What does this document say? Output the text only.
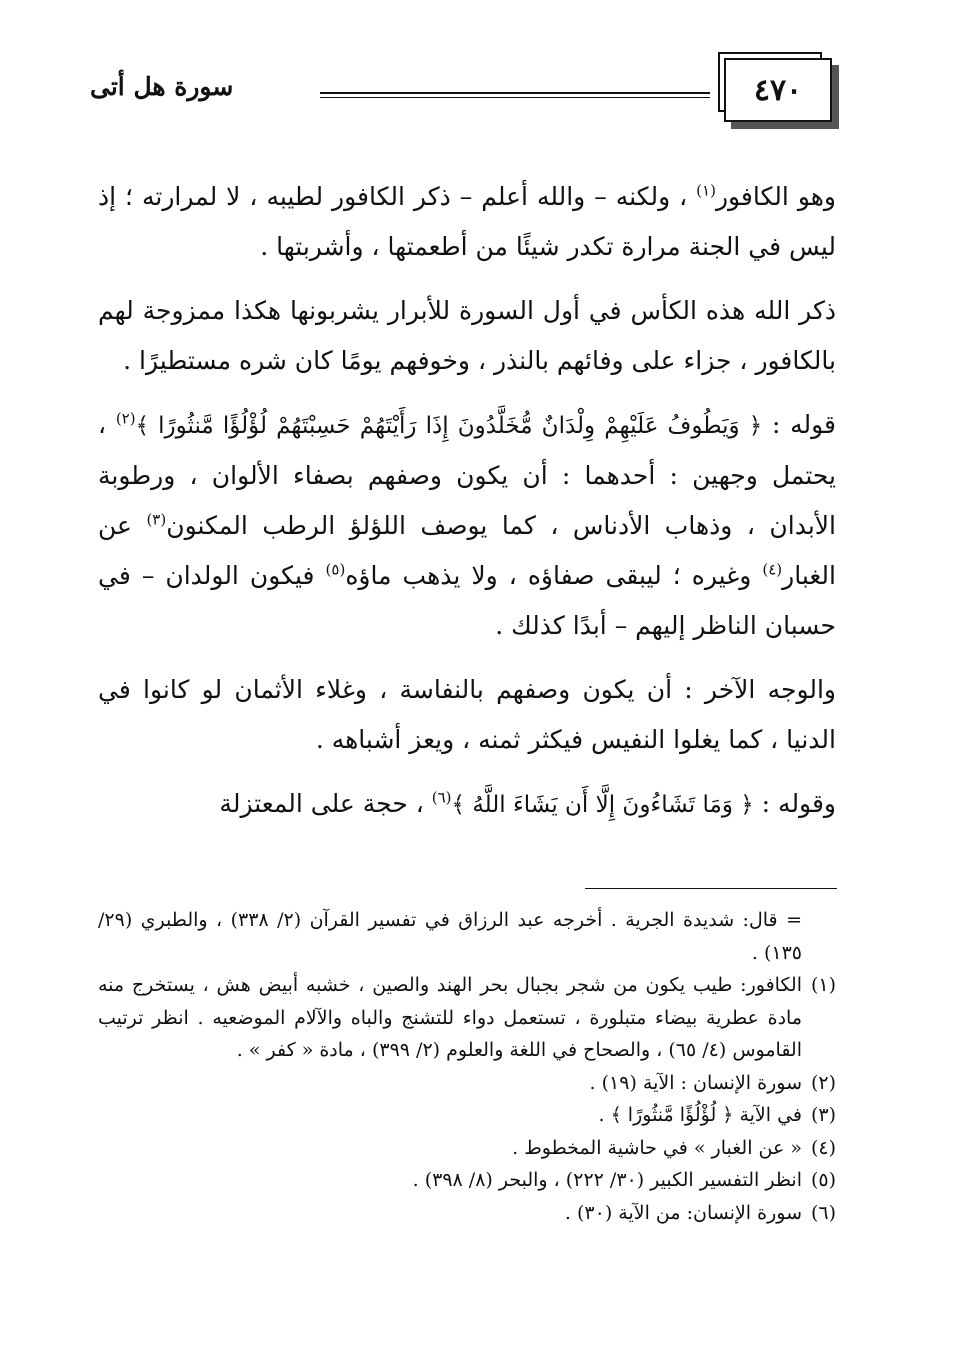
٤٧٠
سورة هل أتى

وهو الكافور$^{(١)}$ ، ولكنه – والله أعلم – ذكر الكافور لطيبه ، لا لمرارته ؛ إذ ليس في الجنة مرارة تكدر شيئًا من أطعمتها ، وأشربتها .

ذكر الله هذه الكأس في أول السورة للأبرار يشربونها هكذا ممزوجة لهم بالكافور ، جزاء على وفائهم بالنذر ، وخوفهم يومًا كان شره مستطيرًا .

قوله : ﴿ وَيَطُوفُ عَلَيْهِمْ وِلْدَانٌ مُّخَلَّدُونَ إِذَا رَأَيْتَهُمْ حَسِبْتَهُمْ لُؤْلُؤًا مَّنثُورًا ﴾$^{(٢)}$ ، يحتمل وجهين : أحدهما : أن يكون وصفهم بصفاء الألوان ، ورطوبة الأبدان ، وذهاب الأدناس ، كما يوصف اللؤلؤ الرطب المكنون$^{(٣)}$ عن الغبار$^{(٤)}$ وغيره ؛ ليبقى صفاؤه ، ولا يذهب ماؤه$^{(٥)}$ فيكون الولدان – في حسبان الناظر إليهم – أبدًا كذلك .

والوجه الآخر : أن يكون وصفهم بالنفاسة ، وغلاء الأثمان لو كانوا في الدنيا ، كما يغلوا النفيس فيكثر ثمنه ، ويعز أشباهه .

وقوله : ﴿ وَمَا تَشَاءُونَ إِلَّا أَن يَشَاءَ اللَّهُ ﴾$^{(٦)}$ ، حجة على المعتزلة

= قال: شديدة الجرية . أخرجه عبد الرزاق في تفسير القرآن (٢/ ٣٣٨) ، والطبري (٢٩/ ١٣٥) .

(١)
الكافور: طيب يكون من شجر بجبال بحر الهند والصين ، خشبه أبيض هش ، يستخرج منه مادة عطرية بيضاء متبلورة ، تستعمل دواء للتشنج والباه والآلام الموضعيه . انظر ترتيب القاموس (٤/ ٦٥) ، والصحاح في اللغة والعلوم (٢/ ٣٩٩) ، مادة « كفر » .

(٢)
سورة الإنسان : الآية (١٩) .

(٣)
في الآية ﴿ لُؤْلُؤًا مَّنثُورًا ﴾ .

(٤)
« عن الغبار » في حاشية المخطوط .

(٥)
انظر التفسير الكبير (٣٠/ ٢٢٢) ، والبحر (٨/ ٣٩٨) .

(٦)
سورة الإنسان: من الآية (٣٠) .
